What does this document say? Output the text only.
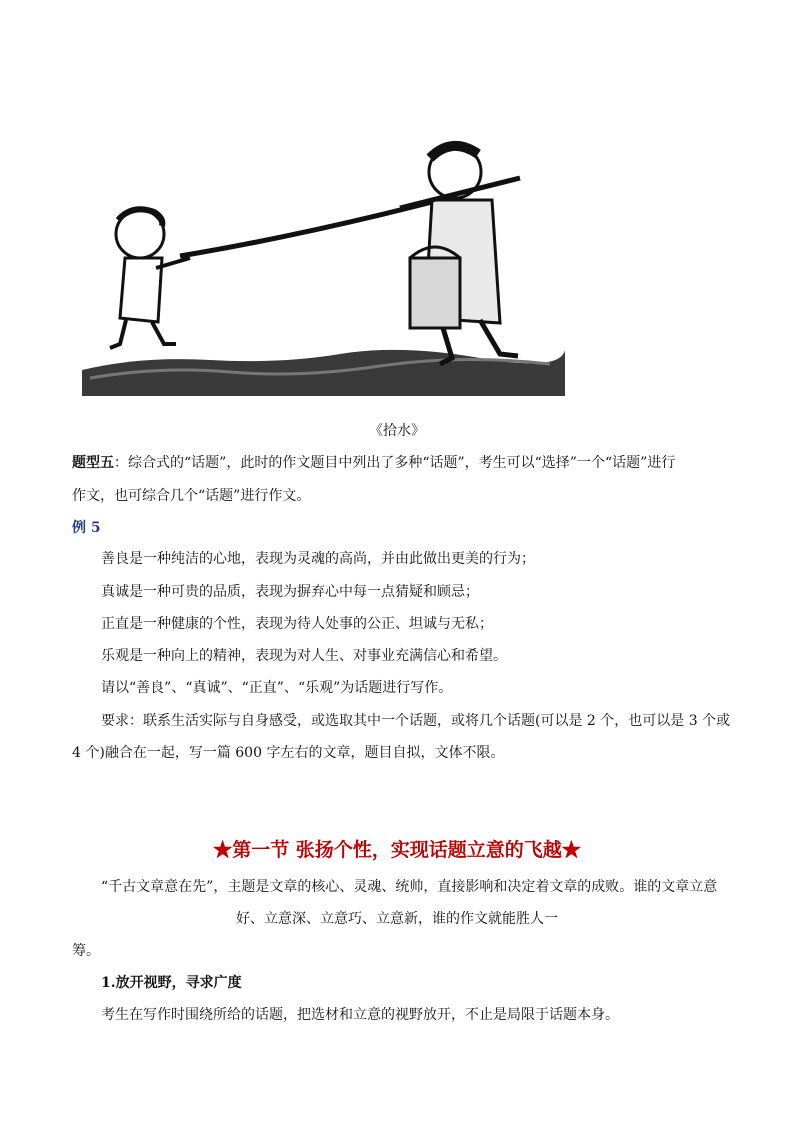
《拾水》
题型五：综合式的“话题”，此时的作文题目中列出了多种“话题”，考生可以“选择”一个“话题”进行
作文，也可综合几个“话题”进行作文。
例 5
善良是一种纯洁的心地，表现为灵魂的高尚，并由此做出更美的行为；
真诚是一种可贵的品质，表现为摒弃心中每一点猜疑和顾忌；
正直是一种健康的个性，表现为待人处事的公正、坦诚与无私；
乐观是一种向上的精神，表现为对人生、对事业充满信心和希望。
请以“善良”、“真诚”、“正直”、“乐观”为话题进行写作。
要求：联系生活实际与自身感受，或选取其中一个话题，或将几个话题(可以是 2 个，也可以是 3 个或
4 个)融合在一起，写一篇 600 字左右的文章，题目自拟，文体不限。
★第一节 张扬个性，实现话题立意的飞越★
“千古文章意在先”，主题是文章的核心、灵魂、统帅，直接影响和决定着文章的成败。谁的文章立意
好、立意深、立意巧、立意新，谁的作文就能胜人一
筹。
1.放开视野，寻求广度
考生在写作时围绕所给的话题，把选材和立意的视野放开，不止是局限于话题本身。
